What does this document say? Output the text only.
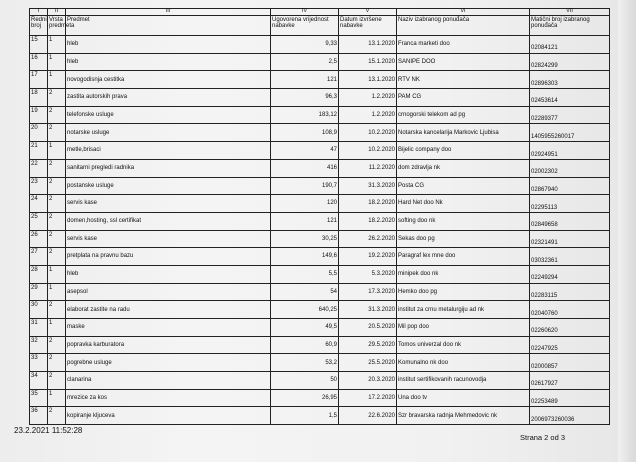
I	II	III	IV	V	VI	VII
Redni broj	Vrsta predmeta	Predmet	Ugovorena vrijednost nabavke	Datum izvršene nabavke	Naziv izabranog ponuđača	Matični broj izabranog ponuđača
15	1	hleb	9,33	13.1.2020	Franca marketi doo	02084121
16	1	hleb	2,5	15.1.2020	SANIPE DOO	02824299
17	1	novogodisnja cestitka	121	13.1.2020	RTV NK	02896303
18	2	zastita autorskih prava	96,3	1.2.2020	PAM CG	02453614
19	2	telefonske usluge	183,12	1.2.2020	crnogorski telekom ad pg	02289377
20	2	notarske usluge	108,9	10.2.2020	Notarska kancelarija Markovic Ljubisa	1405955260017
21	1	metle,brisaci	47	10.2.2020	Bijelic company doo	02924951
22	2	sanitarni pregledi radnika	416	11.2.2020	dom zdravlja nk	02002302
23	2	postanske usluge	190,7	31.3.2020	Posta CG	02867940
24	2	servis kase	120	18.2.2020	Hard Net doo Nk	02295113
25	2	domen,hosting, ssl certifikat	121	18.2.2020	softing doo nk	02849658
26	2	servis kase	30,25	26.2.2020	Sekas doo pg	02321491
27	2	pretplata na pravnu bazu	149,6	19.2.2020	Paragraf lex mne doo	03032361
28	1	hleb	5,5	5.3.2020	minipek doo nk	02249294
29	1	asepsol	54	17.3.2020	Hemko doo pg	02283115
30	2	elaborat zastite na radu	640,25	31.3.2020	institut za crnu metalurgiju ad nk	02040760
31	1	maske	49,5	20.5.2020	Mil pop doo	02260620
32	2	popravka karburatora	60,9	29.5.2020	Tomos univerzal doo nk	02247925
33	2	pogrebne usluge	53,2	25.5.2020	Komunalno nk doo	02000857
34	2	clanarina	50	20.3.2020	institut sertifikovanih racunovodja	02617927
35	1	mrezice za kos	26,95	17.2.2020	Una doo tv	02253489
36	2	kopiranje kljuceva	1,5	22.6.2020	Szr bravarska radnja Mehmedovic nk	2006973260036
23.2.2021 11:52:28
Strana 2 od 3
